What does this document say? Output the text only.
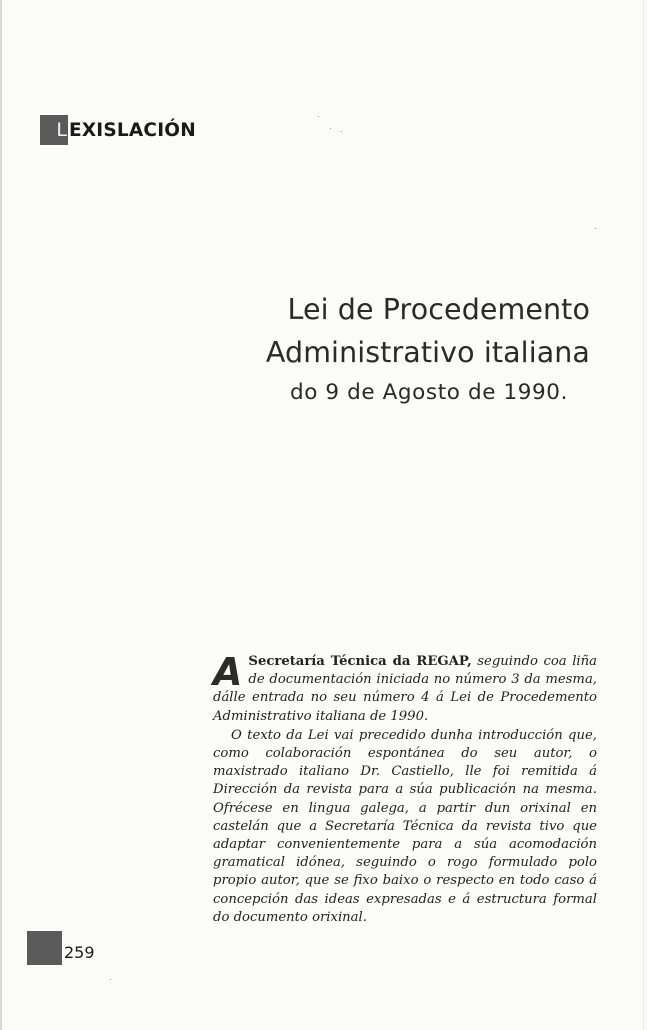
L EXISLACIÓN
Lei de Procedemento
Administrativo italiana
do 9 de Agosto de 1990.

A Secretaría Técnica da REGAP, seguindo coa liña de documentación iniciada no número 3 da mesma, dálle entrada no seu número 4 á Lei de Procedemento Administrativo italiana de 1990.

O texto da Lei vai precedido dunha introducción que, como colaboración espontánea do seu autor, o maxistrado italiano Dr. Castiello, lle foi remitida á Dirección da revista para a súa publicación na mesma. Ofrécese en lingua galega, a partir dun orixinal en castelán que a Secretaría Técnica da revista tivo que adaptar convenientemente para a súa acomodación gramatical idónea, seguindo o rogo formulado polo propio autor, que se fixo baixo o respecto en todo caso á concepción das ideas expresadas e á estructura formal do documento orixinal.

259
